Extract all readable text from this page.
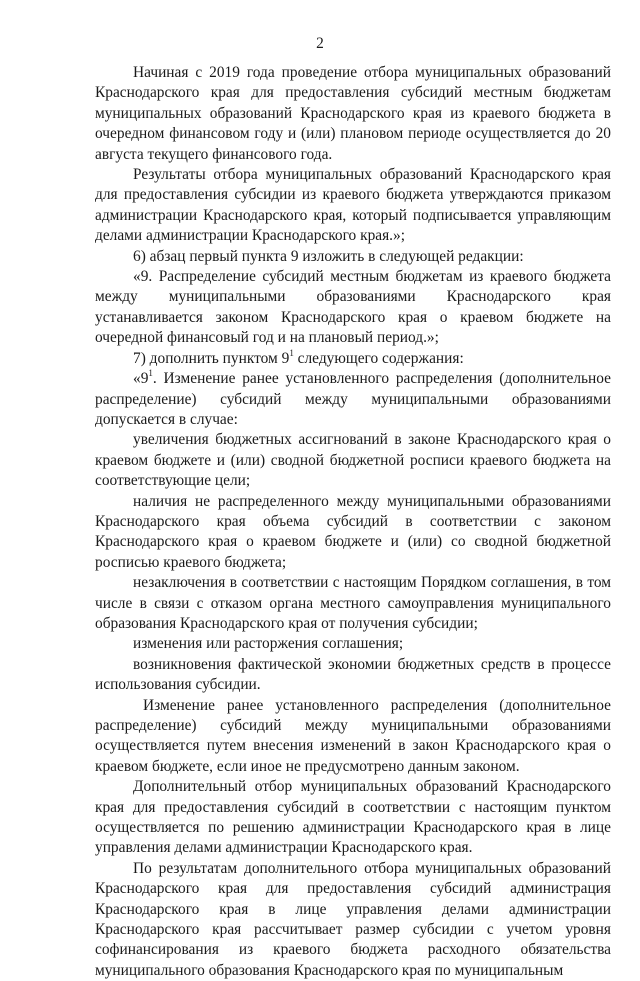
2

Начиная с 2019 года проведение отбора муниципальных образований Краснодарского края для предоставления субсидий местным бюджетам муниципальных образований Краснодарского края из краевого бюджета в очередном финансовом году и (или) плановом периоде осуществляется до 20 августа текущего финансового года.

Результаты отбора муниципальных образований Краснодарского края для предоставления субсидии из краевого бюджета утверждаются приказом администрации Краснодарского края, который подписывается управляющим делами администрации Краснодарского края.»;

6) абзац первый пункта 9 изложить в следующей редакции:

«9. Распределение субсидий местным бюджетам из краевого бюджета между муниципальными образованиями Краснодарского края устанавливается законом Краснодарского края о краевом бюджете на очередной финансовый год и на плановый период.»;

7) дополнить пунктом $9^1$ следующего содержания:

«$9^1$. Изменение ранее установленного распределения (дополнительное распределение) субсидий между муниципальными образованиями допускается в случае:

увеличения бюджетных ассигнований в законе Краснодарского края о краевом бюджете и (или) сводной бюджетной росписи краевого бюджета на соответствующие цели;

наличия не распределенного между муниципальными образованиями Краснодарского края объема субсидий в соответствии с законом Краснодарского края о краевом бюджете и (или) со сводной бюджетной росписью краевого бюджета;

незаключения в соответствии с настоящим Порядком соглашения, в том числе в связи с отказом органа местного самоуправления муниципального образования Краснодарского края от получения субсидии;

изменения или расторжения соглашения;

возникновения фактической экономии бюджетных средств в процессе использования субсидии.

Изменение ранее установленного распределения (дополнительное распределение) субсидий между муниципальными образованиями осуществляется путем внесения изменений в закон Краснодарского края о краевом бюджете, если иное не предусмотрено данным законом.

Дополнительный отбор муниципальных образований Краснодарского края для предоставления субсидий в соответствии с настоящим пунктом осуществляется по решению администрации Краснодарского края в лице управления делами администрации Краснодарского края.

По результатам дополнительного отбора муниципальных образований Краснодарского края для предоставления субсидий администрация Краснодарского края в лице управления делами администрации Краснодарского края рассчитывает размер субсидии с учетом уровня софинансирования из краевого бюджета расходного обязательства муниципального образования Краснодарского края по муниципальным
